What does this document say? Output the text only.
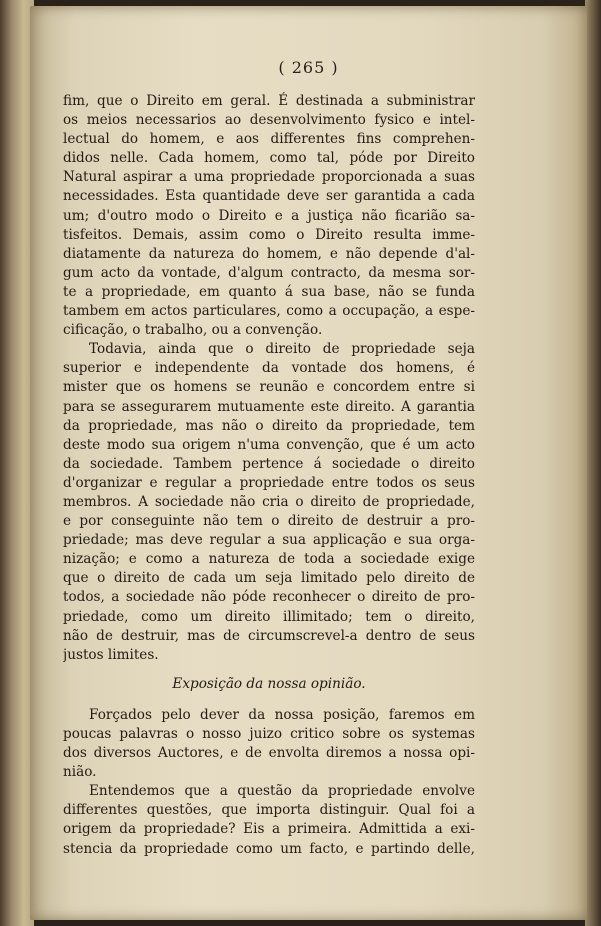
( 265 )
fim, que o Direito em geral. É destinada a subministrar
os meios necessarios ao desenvolvimento fysico e intel-
lectual do homem, e aos differentes fins comprehen-
didos nelle. Cada homem, como tal, póde por Direito
Natural aspirar a uma propriedade proporcionada a suas
necessidades. Esta quantidade deve ser garantida a cada
um; d'outro modo o Direito e a justiça não ficarião sa-
tisfeitos. Demais, assim como o Direito resulta imme-
diatamente da natureza do homem, e não depende d'al-
gum acto da vontade, d'algum contracto, da mesma sor-
te a propriedade, em quanto á sua base, não se funda
tambem em actos particulares, como a occupação, a espe-
cificação, o trabalho, ou a convenção.
Todavia, ainda que o direito de propriedade seja
superior e independente da vontade dos homens, é
mister que os homens se reunão e concordem entre si
para se assegurarem mutuamente este direito. A garantia
da propriedade, mas não o direito da propriedade, tem
deste modo sua origem n'uma convenção, que é um acto
da sociedade. Tambem pertence á sociedade o direito
d'organizar e regular a propriedade entre todos os seus
membros. A sociedade não cria o direito de propriedade,
e por conseguinte não tem o direito de destruir a pro-
priedade; mas deve regular a sua applicação e sua orga-
nização; e como a natureza de toda a sociedade exige
que o direito de cada um seja limitado pelo direito de
todos, a sociedade não póde reconhecer o direito de pro-
priedade, como um direito illimitado; tem o direito,
não de destruir, mas de circumscrevel-a dentro de seus
justos limites.
Exposição da nossa opinião.
Forçados pelo dever da nossa posição, faremos em
poucas palavras o nosso juizo critico sobre os systemas
dos diversos Auctores, e de envolta diremos a nossa opi-
nião.
Entendemos que a questão da propriedade envolve
differentes questões, que importa distinguir. Qual foi a
origem da propriedade? Eis a primeira. Admittida a exi-
stencia da propriedade como um facto, e partindo delle,
